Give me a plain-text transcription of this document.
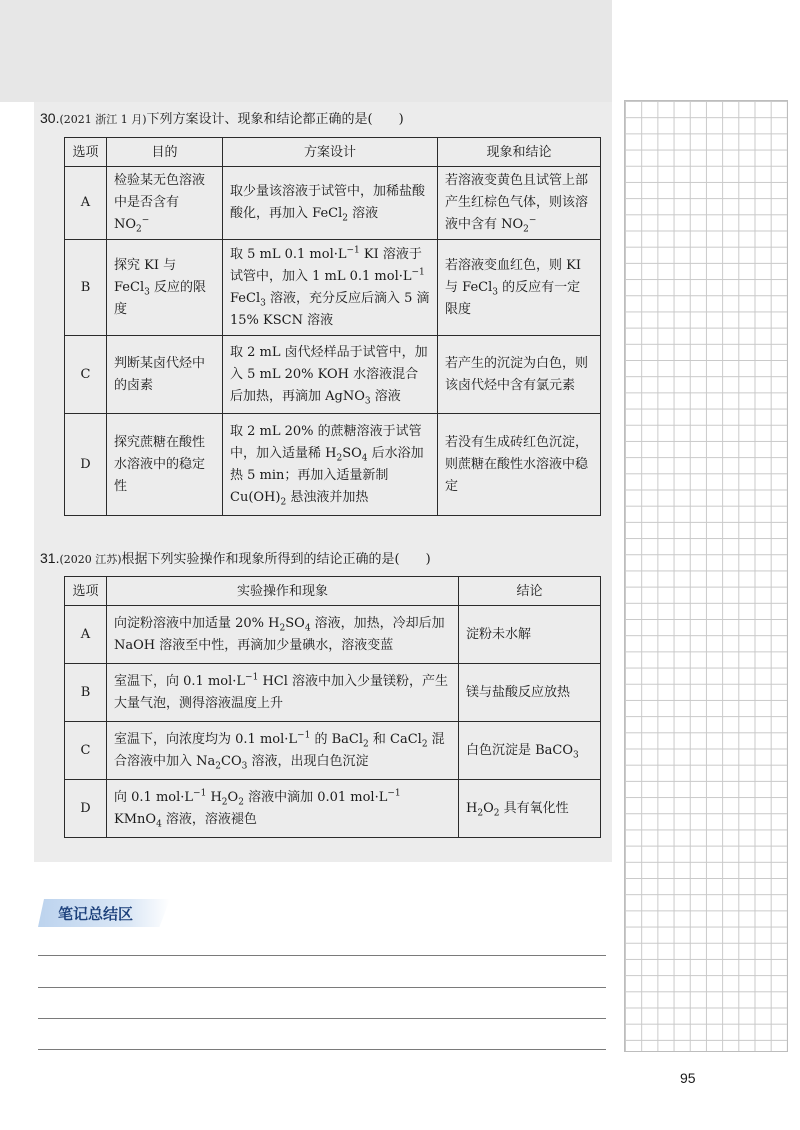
30.(2021 浙江 1 月)下列方案设计、现象和结论都正确的是(　　)
选项	目的	方案设计	现象和结论
A	检验某无色溶液中是否含有 $NO_2^-$	取少量该溶液于试管中，加稀盐酸酸化，再加入 FeCl$_2$ 溶液	若溶液变黄色且试管上部产生红棕色气体，则该溶液中含有 $NO_2^-$
B	探究 KI 与 FeCl$_3$ 反应的限度	取 5 mL 0.1 $mol\cdot L^{-1}$ KI 溶液于试管中，加入 1 mL 0.1 $mol\cdot L^{-1}$ FeCl$_3$ 溶液，充分反应后滴入 5 滴 15% KSCN 溶液	若溶液变血红色，则 KI 与 FeCl$_3$ 的反应有一定限度
C	判断某卤代烃中的卤素	取 2 mL 卤代烃样品于试管中，加入 5 mL 20% KOH 水溶液混合后加热，再滴加 AgNO$_3$ 溶液	若产生的沉淀为白色，则该卤代烃中含有氯元素
D	探究蔗糖在酸性水溶液中的稳定性	取 2 mL 20% 的蔗糖溶液于试管中，加入适量稀 $H_2SO_4$ 后水浴加热 5 min；再加入适量新制 $Cu(OH)_2$ 悬浊液并加热	若没有生成砖红色沉淀，则蔗糖在酸性水溶液中稳定
31.(2020 江苏)根据下列实验操作和现象所得到的结论正确的是(　　)
选项	实验操作和现象	结论
A	向淀粉溶液中加适量 20% $H_2SO_4$ 溶液，加热，冷却后加 NaOH 溶液至中性，再滴加少量碘水，溶液变蓝	淀粉未水解
B	室温下，向 0.1 $mol\cdot L^{-1}$ HCl 溶液中加入少量镁粉，产生大量气泡，测得溶液温度上升	镁与盐酸反应放热
C	室温下，向浓度均为 0.1 $mol\cdot L^{-1}$ 的 BaCl$_2$ 和 CaCl$_2$ 混合溶液中加入 $Na_2CO_3$ 溶液，出现白色沉淀	白色沉淀是 BaCO$_3$
D	向 0.1 $mol\cdot L^{-1}$ $H_2O_2$ 溶液中滴加 0.01 $mol\cdot L^{-1}$ KMnO$_4$ 溶液，溶液褪色	$H_2O_2$ 具有氧化性
笔记总结区
95
